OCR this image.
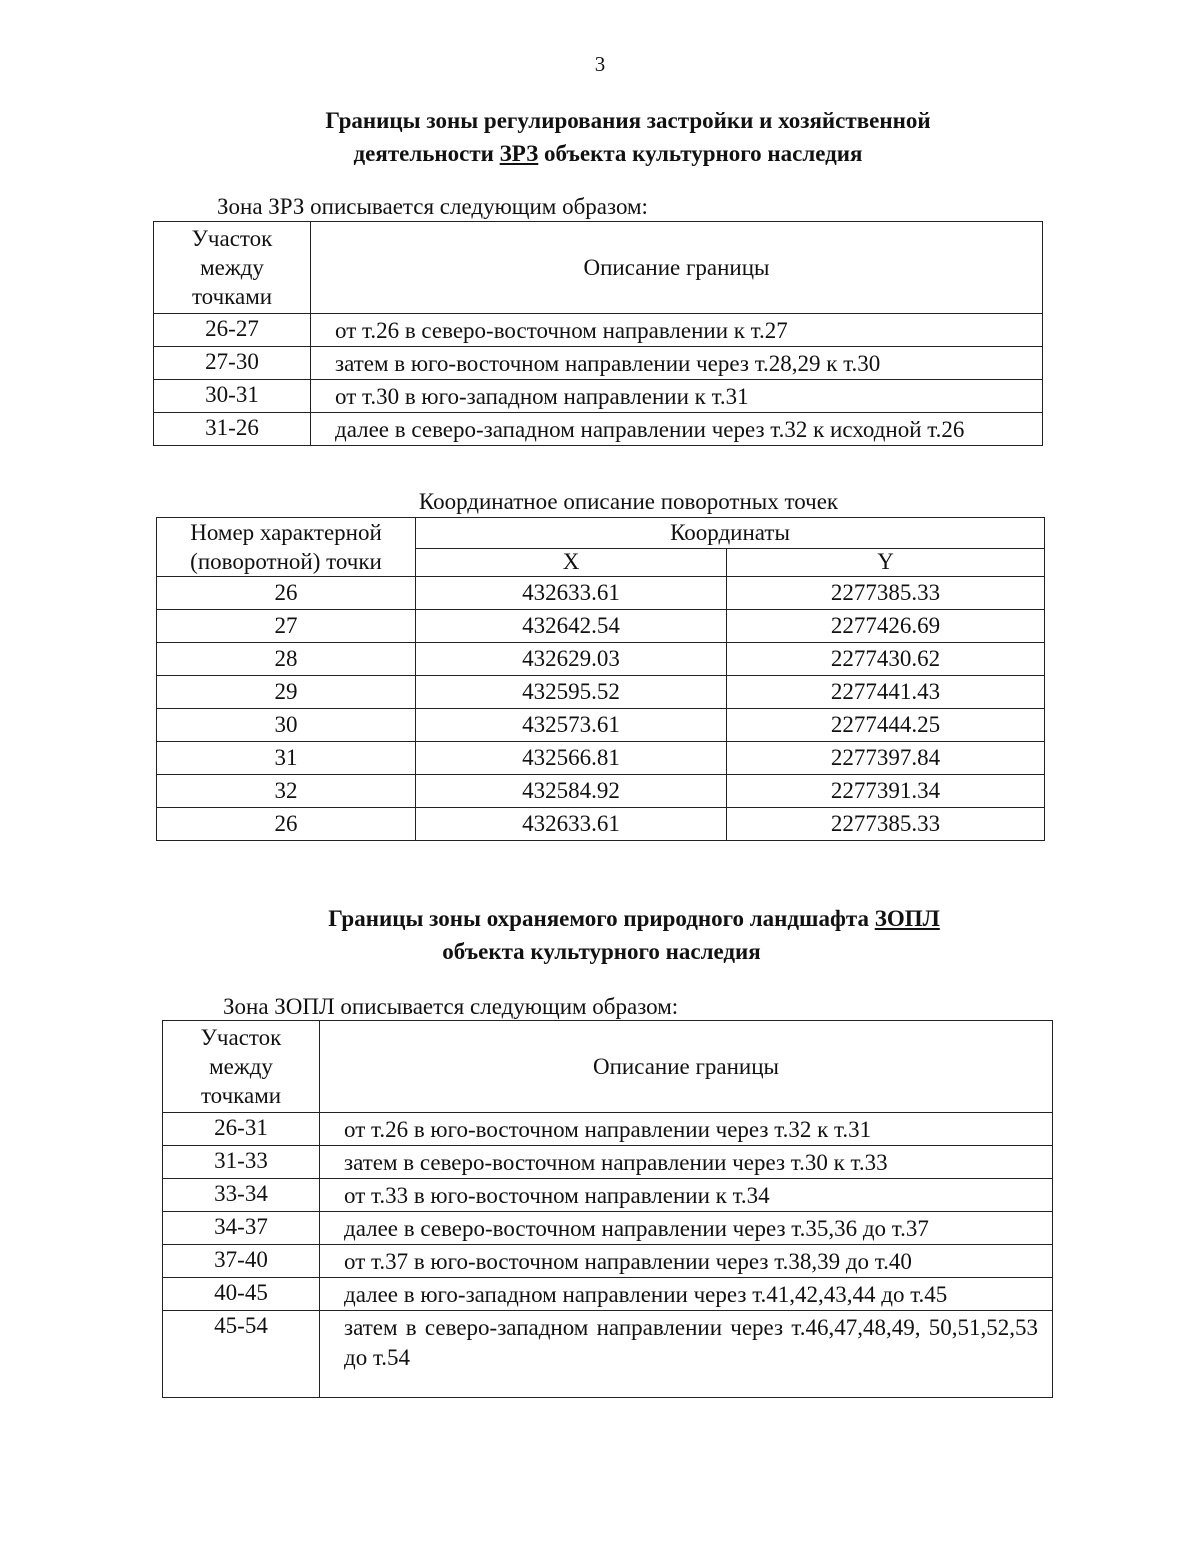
3
Границы зоны регулирования застройки и хозяйственной
деятельности ЗРЗ объекта культурного наследия
Зона ЗРЗ описывается следующим образом:
Участок
между
точками	Описание границы
26-27	от т.26 в северо-восточном направлении к т.27
27-30	затем в юго-восточном направлении через т.28,29 к т.30
30-31	от т.30 в юго-западном направлении к т.31
31-26	далее в северо-западном направлении через т.32 к исходной т.26
Координатное описание поворотных точек
Номер характерной
(поворотной) точки	Координаты	
	X	Y
26	432633.61	2277385.33
27	432642.54	2277426.69
28	432629.03	2277430.62
29	432595.52	2277441.43
30	432573.61	2277444.25
31	432566.81	2277397.84
32	432584.92	2277391.34
26	432633.61	2277385.33
Границы зоны охраняемого природного ландшафта ЗОПЛ
объекта культурного наследия
Зона ЗОПЛ описывается следующим образом:
Участок
между
точками	Описание границы
26-31	от т.26 в юго-восточном направлении через т.32 к т.31
31-33	затем в северо-восточном направлении через т.30 к т.33
33-34	от т.33 в юго-восточном направлении к т.34
34-37	далее в северо-восточном направлении через т.35,36 до т.37
37-40	от т.37 в юго-восточном направлении через т.38,39 до т.40
40-45	далее в юго-западном направлении через т.41,42,43,44 до т.45
45-54	затем в северо-западном направлении через т.46,47,48,49, 50,51,52,53 до т.54
